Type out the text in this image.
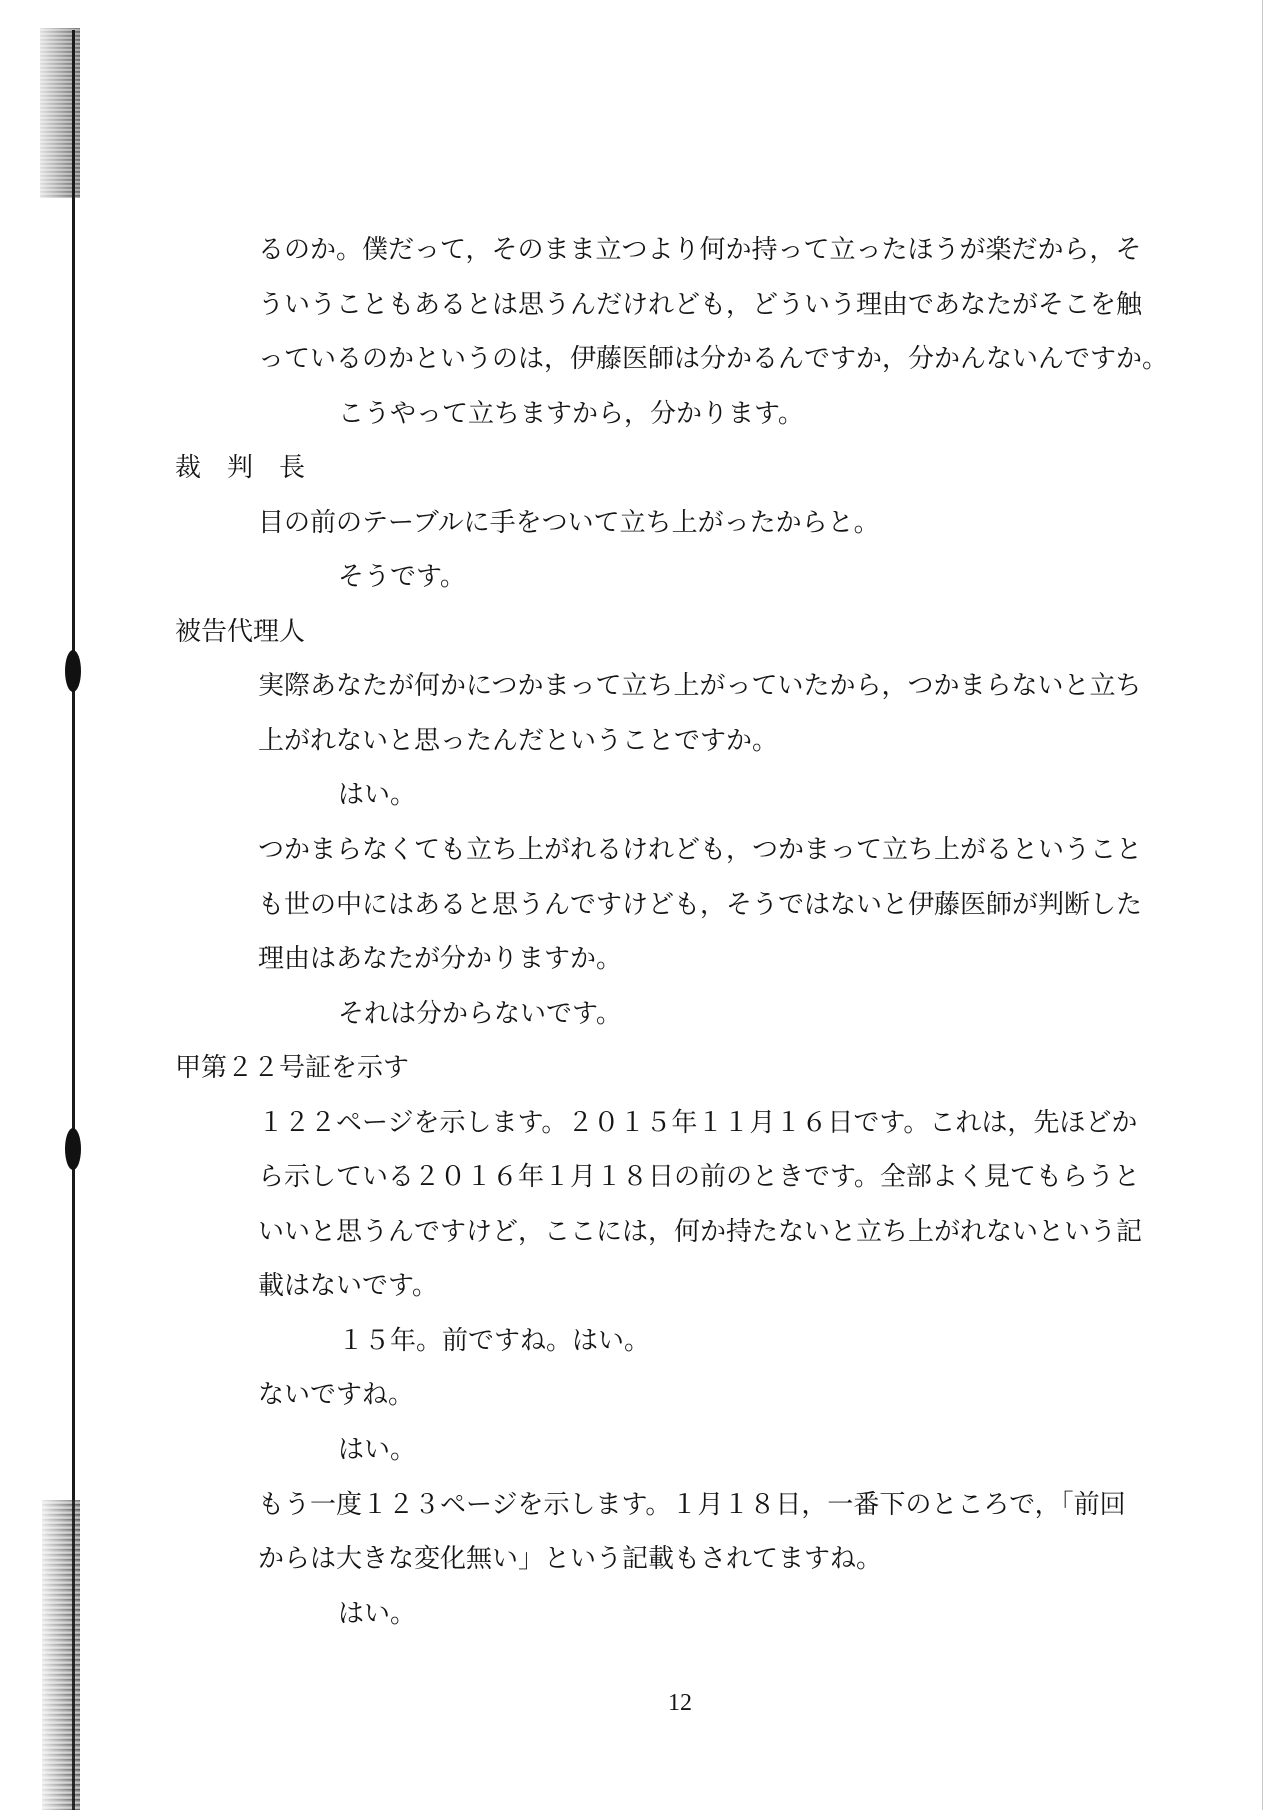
るのか。僕だって，そのまま立つより何か持って立ったほうが楽だから，そ
ういうこともあるとは思うんだけれども，どういう理由であなたがそこを触
っているのかというのは，伊藤医師は分かるんですか，分かんないんですか。
こうやって立ちますから，分かります。
裁　判　長
目の前のテーブルに手をついて立ち上がったからと。
そうです。
被告代理人
実際あなたが何かにつかまって立ち上がっていたから，つかまらないと立ち
上がれないと思ったんだということですか。
はい。
つかまらなくても立ち上がれるけれども，つかまって立ち上がるということ
も世の中にはあると思うんですけども，そうではないと伊藤医師が判断した
理由はあなたが分かりますか。
それは分からないです。
甲第２２号証を示す
１２２ページを示します。２０１５年１１月１６日です。これは，先ほどか
ら示している２０１６年１月１８日の前のときです。全部よく見てもらうと
いいと思うんですけど，ここには，何か持たないと立ち上がれないという記
載はないです。
１５年。前ですね。はい。
ないですね。
はい。
もう一度１２３ページを示します。１月１８日，一番下のところで，「前回
からは大きな変化無い」という記載もされてますね。
はい。
12
